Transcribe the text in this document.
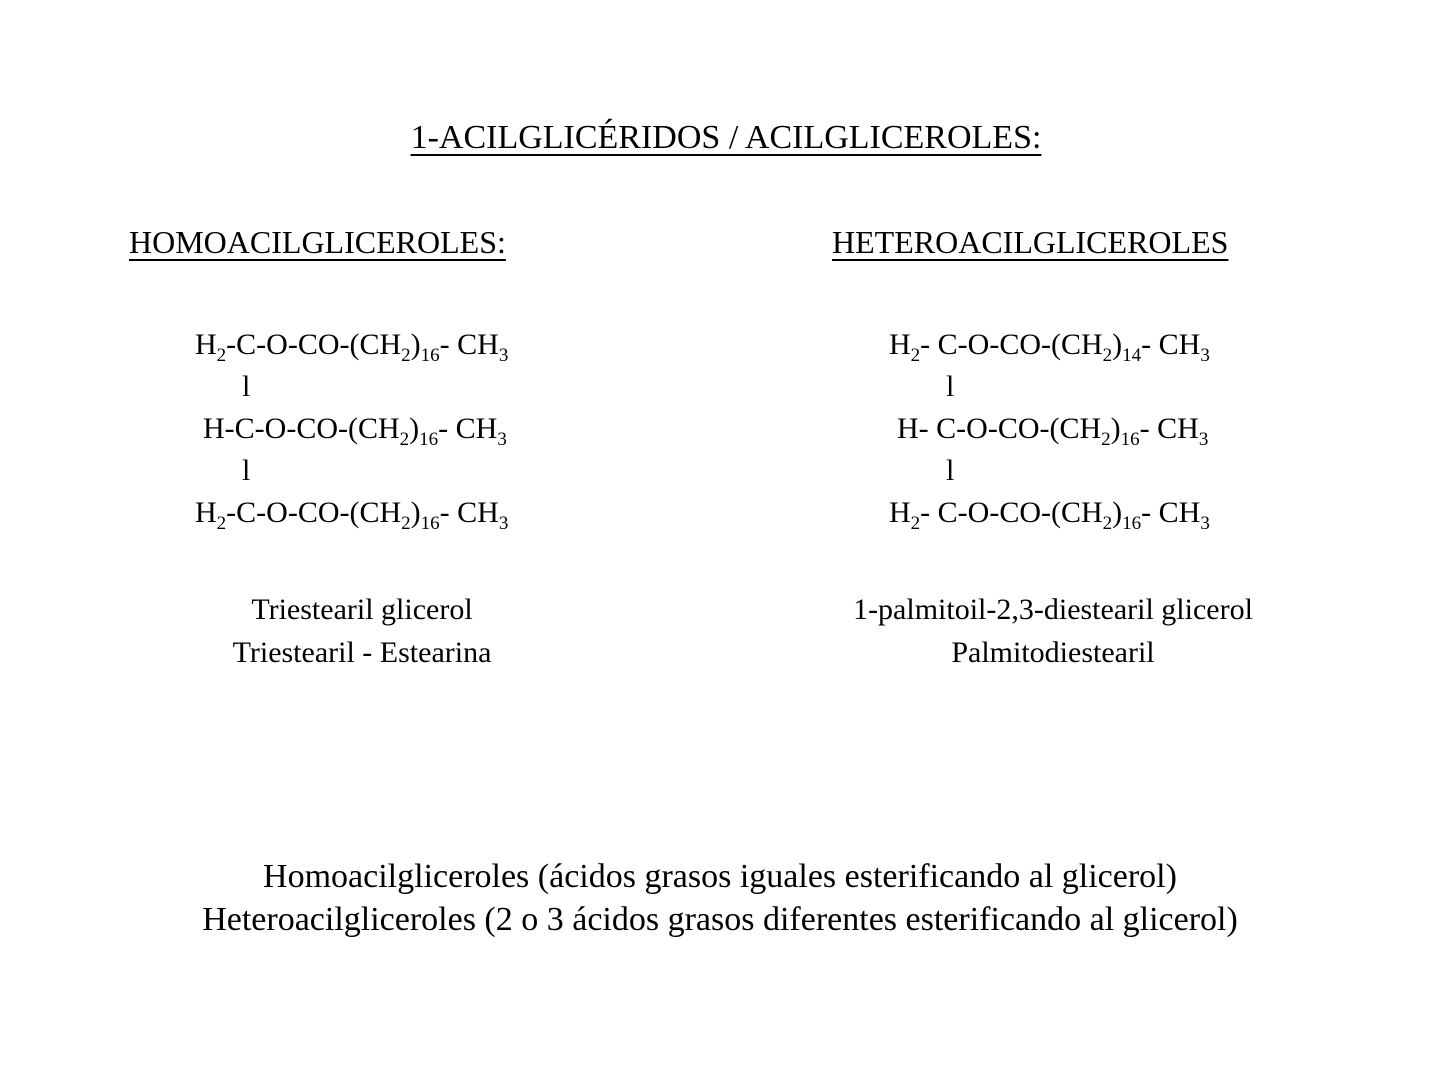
1-ACILGLICÉRIDOS / ACILGLICEROLES:
HOMOACILGLICEROLES:	HETEROACILGLICEROLES
$H_2-C-O-CO-(CH_2)_{16}-$ $CH_3$
l
$H-C-O-CO-(CH_2)_{16}-$ $CH_3$
l
$H_2-C-O-CO-(CH_2)_{16}-$ $CH_3$
$H_2-$ $C-O-CO-(CH_2)_{14}-$ $CH_3$
l
H- $C-O-CO-(CH_2)_{16}-$ $CH_3$
l
$H_2-$ $C-O-CO-(CH_2)_{16}-$ $CH_3$
Triestearil glicerol
Triestearil - Estearina
1-palmitoil-2,3-diestearil glicerol
Palmitodiestearil
Homoacilgliceroles (ácidos grasos iguales esterificando al glicerol)
Heteroacilgliceroles (2 o 3 ácidos grasos diferentes esterificando al glicerol)
